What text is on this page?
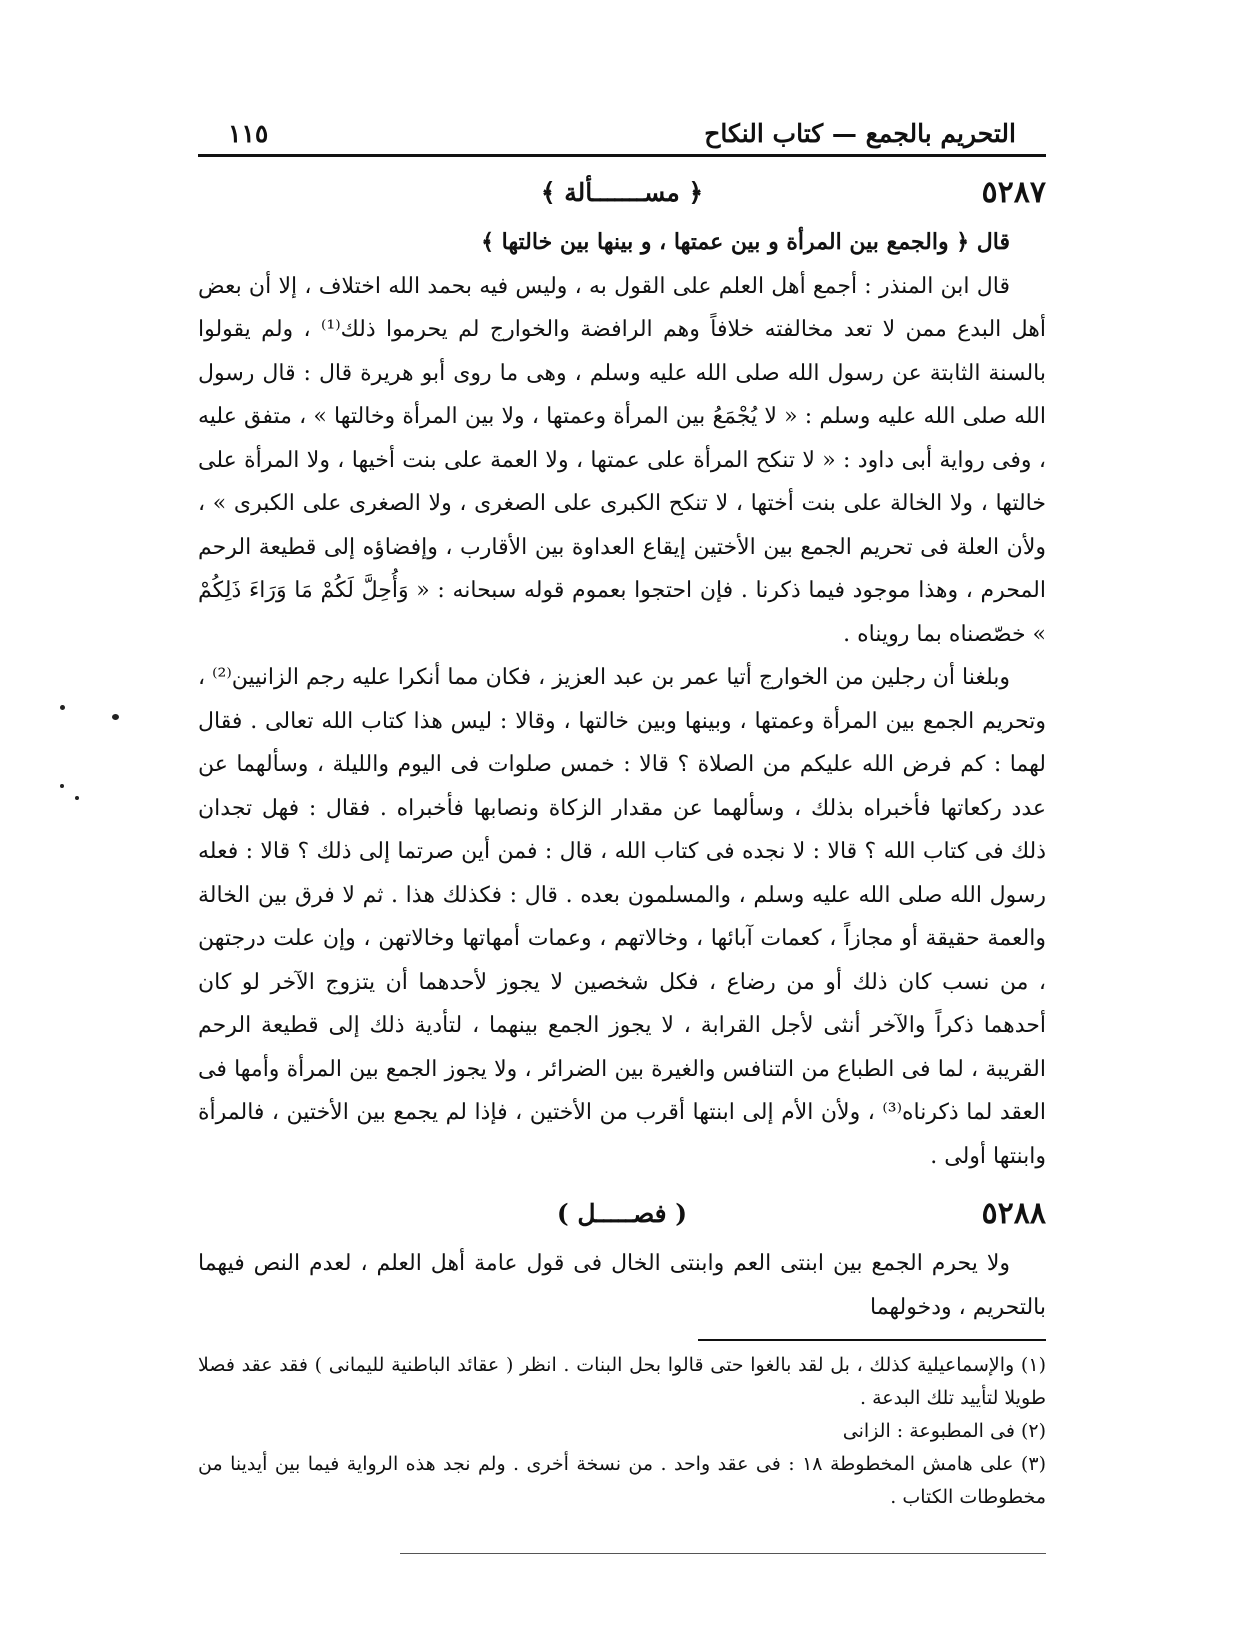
التحريم بالجمع — كتاب النكاح
١١٥
٥٢٨٧
﴿ مســـــــألة ﴾

قال ﴿ والجمع بين المرأة و بين عمتها ، و بينها بين خالتها ﴾

قال ابن المنذر : أجمع أهل العلم على القول به ، وليس فيه بحمد الله اختلاف ، إلا أن بعض أهل البدع ممن لا تعد مخالفته خلافاً وهم الرافضة والخوارج لم يحرموا ذلك⁽¹⁾ ، ولم يقولوا بالسنة الثابتة عن رسول الله صلى الله عليه وسلم ، وهى ما روى أبو هريرة قال : قال رسول الله صلى الله عليه وسلم : « لا يُجْمَعُ بين المرأة وعمتها ، ولا بين المرأة وخالتها » ، متفق عليه ، وفى رواية أبى داود : « لا تنكح المرأة على عمتها ، ولا العمة على بنت أخيها ، ولا المرأة على خالتها ، ولا الخالة على بنت أختها ، لا تنكح الكبرى على الصغرى ، ولا الصغرى على الكبرى » ، ولأن العلة فى تحريم الجمع بين الأختين إيقاع العداوة بين الأقارب ، وإفضاؤه إلى قطيعة الرحم المحرم ، وهذا موجود فيما ذكرنا . فإن احتجوا بعموم قوله سبحانه : « وَأُحِلَّ لَكُمْ مَا وَرَاءَ ذَلِكُمْ » خصّصناه بما رويناه .

وبلغنا أن رجلين من الخوارج أتيا عمر بن عبد العزيز ، فكان مما أنكرا عليه رجم الزانيين⁽²⁾ ، وتحريم الجمع بين المرأة وعمتها ، وبينها وبين خالتها ، وقالا : ليس هذا كتاب الله تعالى . فقال لهما : كم فرض الله عليكم من الصلاة ؟ قالا : خمس صلوات فى اليوم والليلة ، وسألهما عن عدد ركعاتها فأخبراه بذلك ، وسألهما عن مقدار الزكاة ونصابها فأخبراه . فقال : فهل تجدان ذلك فى كتاب الله ؟ قالا : لا نجده فى كتاب الله ، قال : فمن أين صرتما إلى ذلك ؟ قالا : فعله رسول الله صلى الله عليه وسلم ، والمسلمون بعده . قال : فكذلك هذا . ثم لا فرق بين الخالة والعمة حقيقة أو مجازاً ، كعمات آبائها ، وخالاتهم ، وعمات أمهاتها وخالاتهن ، وإن علت درجتهن ، من نسب كان ذلك أو من رضاع ، فكل شخصين لا يجوز لأحدهما أن يتزوج الآخر لو كان أحدهما ذكراً والآخر أنثى لأجل القرابة ، لا يجوز الجمع بينهما ، لتأدية ذلك إلى قطيعة الرحم القريبة ، لما فى الطباع من التنافس والغيرة بين الضرائر ، ولا يجوز الجمع بين المرأة وأمها فى العقد لما ذكرناه⁽³⁾ ، ولأن الأم إلى ابنتها أقرب من الأختين ، فإذا لم يجمع بين الأختين ، فالمرأة وابنتها أولى .

٥٢٨٨
( فصـــــل )

ولا يحرم الجمع بين ابنتى العم وابنتى الخال فى قول عامة أهل العلم ، لعدم النص فيهما بالتحريم ، ودخولهما

(١) والإسماعيلية كذلك ، بل لقد بالغوا حتى قالوا بحل البنات . انظر ( عقائد الباطنية لليمانى ) فقد عقد فصلا طويلا لتأييد تلك البدعة .

(٢) فى المطبوعة : الزانى

(٣) على هامش المخطوطة ١٨ : فى عقد واحد . من نسخة أخرى . ولم نجد هذه الرواية فيما بين أيدينا من مخطوطات الكتاب .
